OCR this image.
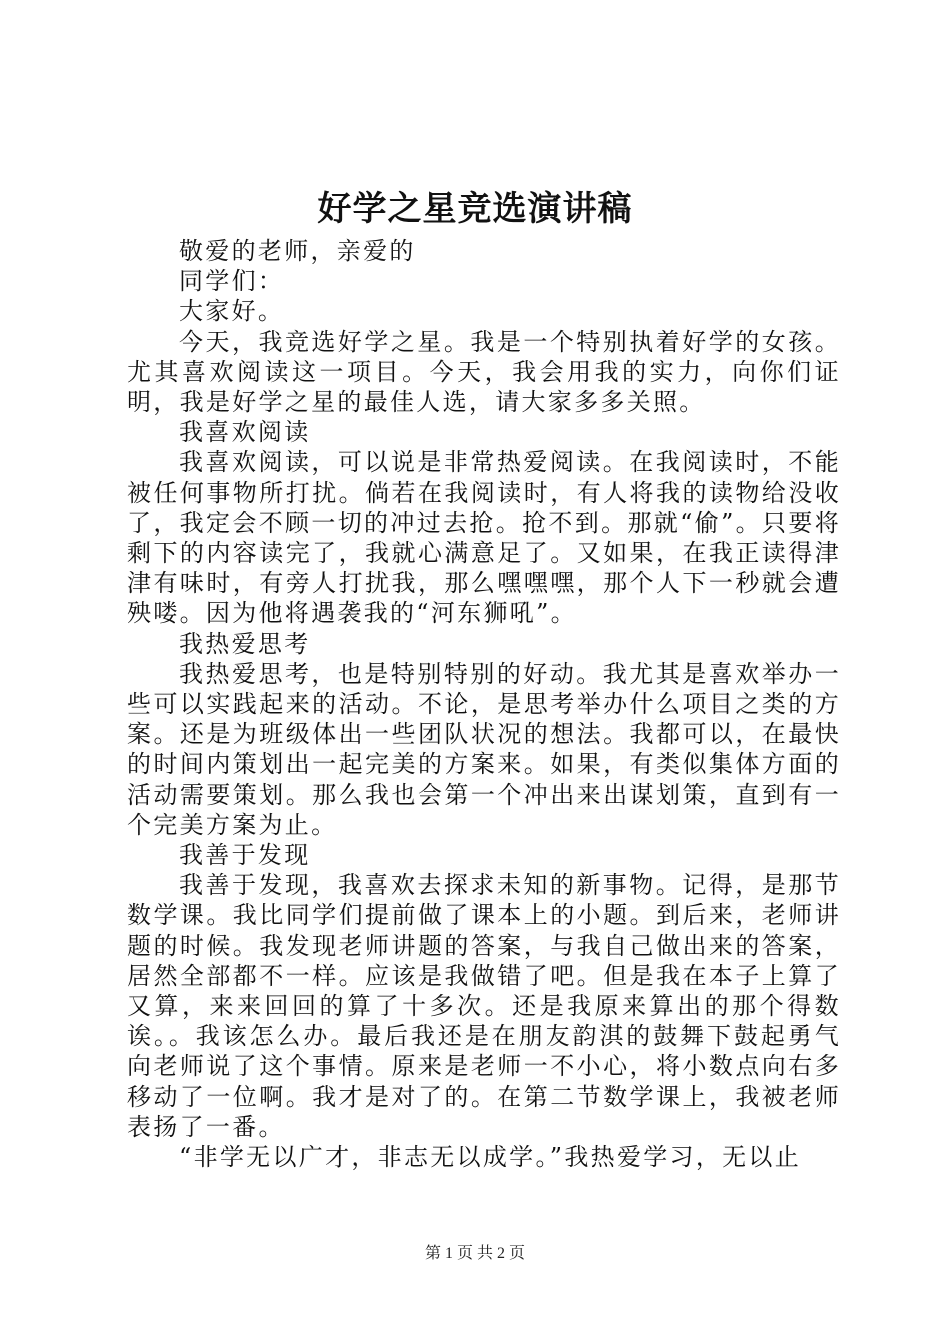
好学之星竞选演讲稿

敬爱的老师，亲爱的

同学们：

大家好。

今天，我竞选好学之星。我是一个特别执着好学的女孩。尤其喜欢阅读这一项目。今天，我会用我的实力，向你们证明，我是好学之星的最佳人选，请大家多多关照。

我喜欢阅读

我喜欢阅读，可以说是非常热爱阅读。在我阅读时，不能被任何事物所打扰。倘若在我阅读时，有人将我的读物给没收了，我定会不顾一切的冲过去抢。抢不到。那就“偷”。只要将剩下的内容读完了，我就心满意足了。又如果，在我正读得津津有味时，有旁人打扰我，那么嘿嘿嘿，那个人下一秒就会遭殃喽。因为他将遇袭我的“河东狮吼”。

我热爱思考

我热爱思考，也是特别特别的好动。我尤其是喜欢举办一些可以实践起来的活动。不论，是思考举办什么项目之类的方案。还是为班级体出一些团队状况的想法。我都可以，在最快的时间内策划出一起完美的方案来。如果，有类似集体方面的活动需要策划。那么我也会第一个冲出来出谋划策，直到有一个完美方案为止。

我善于发现

我善于发现，我喜欢去探求未知的新事物。记得，是那节数学课。我比同学们提前做了课本上的小题。到后来，老师讲题的时候。我发现老师讲题的答案，与我自己做出来的答案，居然全部都不一样。应该是我做错了吧。但是我在本子上算了又算，来来回回的算了十多次。还是我原来算出的那个得数诶。。我该怎么办。最后我还是在朋友韵淇的鼓舞下鼓起勇气向老师说了这个事情。原来是老师一不小心，将小数点向右多移动了一位啊。我才是对了的。在第二节数学课上，我被老师表扬了一番。

“非学无以广才，非志无以成学。”我热爱学习，无以止

第 1 页 共 2 页
